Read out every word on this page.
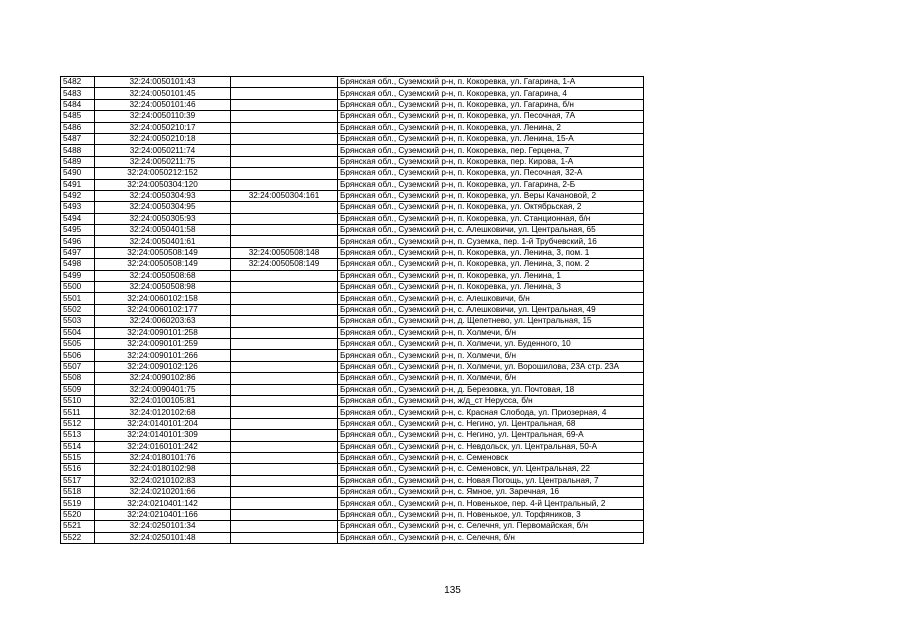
5482	32:24:0050101:43		Брянская обл., Суземский р-н, п. Кокоревка, ул. Гагарина, 1-А
5483	32:24:0050101:45		Брянская обл., Суземский р-н, п. Кокоревка, ул. Гагарина, 4
5484	32:24:0050101:46		Брянская обл., Суземский р-н, п. Кокоревка, ул. Гагарина, б/н
5485	32:24:0050110:39		Брянская обл., Суземский р-н, п. Кокоревка, ул. Песочная, 7А
5486	32:24:0050210:17		Брянская обл., Суземский р-н, п. Кокоревка, ул. Ленина, 2
5487	32:24:0050210:18		Брянская обл., Суземский р-н, п. Кокоревка, ул. Ленина, 15-А
5488	32:24:0050211:74		Брянская обл., Суземский р-н, п. Кокоревка, пер. Герцена, 7
5489	32:24:0050211:75		Брянская обл., Суземский р-н, п. Кокоревка, пер. Кирова, 1-А
5490	32:24:0050212:152		Брянская обл., Суземский р-н, п. Кокоревка, ул. Песочная, 32-А
5491	32:24:0050304:120		Брянская обл., Суземский р-н, п. Кокоревка, ул. Гагарина, 2-Б
5492	32:24:0050304:93	32:24:0050304:161	Брянская обл., Суземский р-н, п. Кокоревка, ул. Веры Качановой, 2
5493	32:24:0050304:95		Брянская обл., Суземский р-н, п. Кокоревка, ул. Октябрьская, 2
5494	32:24:0050305:93		Брянская обл., Суземский р-н, п. Кокоревка, ул. Станционная, б/н
5495	32:24:0050401:58		Брянская обл., Суземский р-н, с. Алешковичи, ул. Центральная, 65
5496	32:24:0050401:61		Брянская обл., Суземский р-н, п. Суземка, пер. 1-й Трубчевский, 16
5497	32:24:0050508:149	32:24:0050508:148	Брянская обл., Суземский р-н, п. Кокоревка, ул. Ленина, 3, пом. 1
5498	32:24:0050508:149	32:24:0050508:149	Брянская обл., Суземский р-н, п. Кокоревка, ул. Ленина, 3, пом. 2
5499	32:24:0050508:68		Брянская обл., Суземский р-н, п. Кокоревка, ул. Ленина, 1
5500	32:24:0050508:98		Брянская обл., Суземский р-н, п. Кокоревка, ул. Ленина, 3
5501	32:24:0060102:158		Брянская обл., Суземский р-н, с. Алешковичи, б/н
5502	32:24:0060102:177		Брянская обл., Суземский р-н, с. Алешковичи, ул. Центральная, 49
5503	32:24:0060203:63		Брянская обл., Суземский р-н, д. Щепетнево, ул. Центральная, 15
5504	32:24:0090101:258		Брянская обл., Суземский р-н, п. Холмечи, б/н
5505	32:24:0090101:259		Брянская обл., Суземский р-н, п. Холмечи, ул. Буденного, 10
5506	32:24:0090101:266		Брянская обл., Суземский р-н, п. Холмечи, б/н
5507	32:24:0090102:126		Брянская обл., Суземский р-н, п. Холмечи, ул. Ворошилова, 23А стр. 23А
5508	32:24:0090102:86		Брянская обл., Суземский р-н, п. Холмечи, б/н
5509	32:24:0090401:75		Брянская обл., Суземский р-н, д. Березовка, ул. Почтовая, 18
5510	32:24:0100105:81		Брянская обл., Суземский р-н, ж/д_ст Неруcса, б/н
5511	32:24:0120102:68		Брянская обл., Суземский р-н, с. Красная Слобода, ул. Приозерная, 4
5512	32:24:0140101:204		Брянская обл., Суземский р-н, с. Негино, ул. Центральная, 68
5513	32:24:0140101:309		Брянская обл., Суземский р-н, с. Негино, ул. Центральная, 69-А
5514	32:24:0160101:242		Брянская обл., Суземский р-н, с. Невдольск, ул. Центральная, 50-А
5515	32:24:0180101:76		Брянская обл., Суземский р-н, с. Семеновск
5516	32:24:0180102:98		Брянская обл., Суземский р-н, с. Семеновск, ул. Центральная, 22
5517	32:24:0210102:83		Брянская обл., Суземский р-н, с. Новая Погощь, ул. Центральная, 7
5518	32:24:0210201:66		Брянская обл., Суземский р-н, с. Ямное, ул. Заречная, 16
5519	32:24:0210401:142		Брянская обл., Суземский р-н, п. Новенькое, пер. 4-й Центральный, 2
5520	32:24:0210401:166		Брянская обл., Суземский р-н, п. Новенькое, ул. Торфяников, 3
5521	32:24:0250101:34		Брянская обл., Суземский р-н, с. Селечня, ул. Первомайская, б/н
5522	32:24:0250101:48		Брянская обл., Суземский р-н, с. Селечня, б/н
135
